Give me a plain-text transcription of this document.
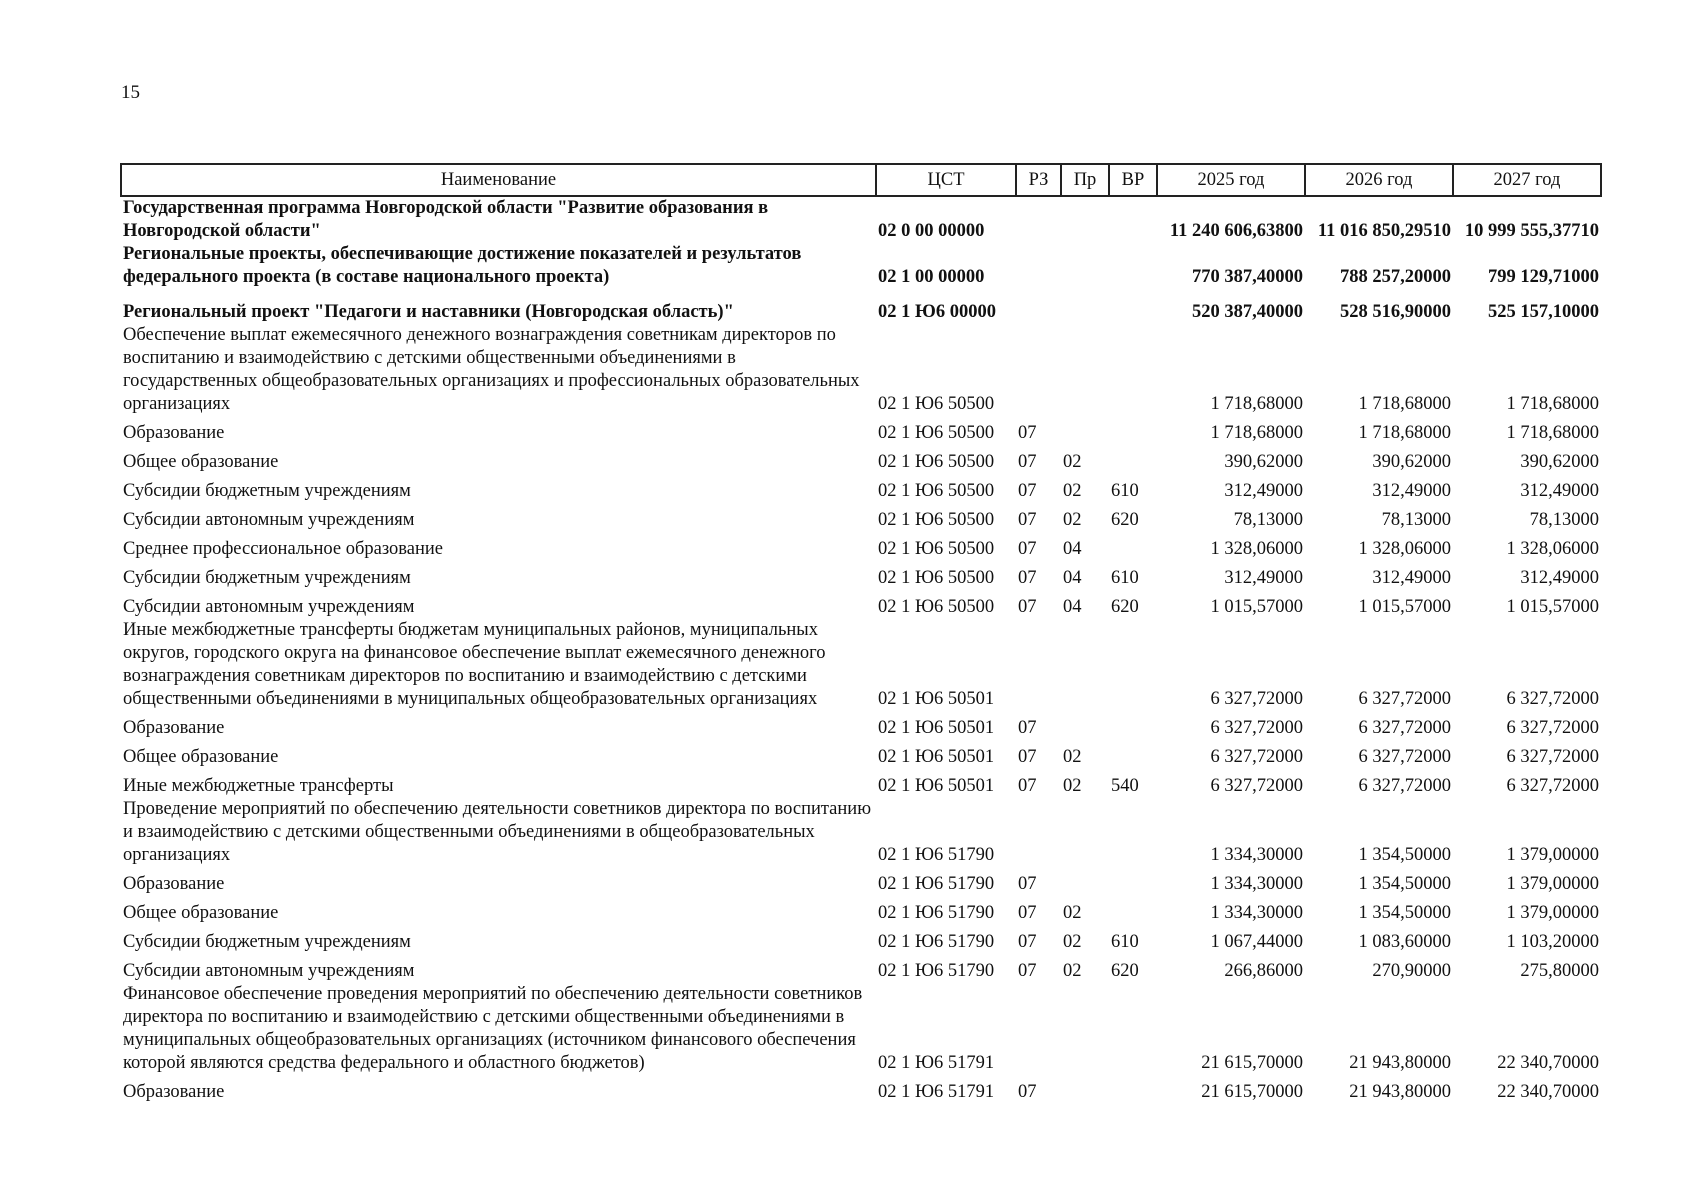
15
Наименование	ЦСТ	РЗ	Пр	ВР	2025 год	2026 год	2027 год
Государственная программа Новгородской области "Развитие образования в Новгородской области"	02 0 00 00000				11 240 606,63800	11 016 850,29510	10 999 555,37710
Региональные проекты, обеспечивающие достижение показателей и результатов федерального проекта (в составе национального проекта)	02 1 00 00000				770 387,40000	788 257,20000	799 129,71000
Региональный проект "Педагоги и наставники (Новгородская область)"	02 1 Ю6 00000				520 387,40000	528 516,90000	525 157,10000
Обеспечение выплат ежемесячного денежного вознаграждения советникам директоров по воспитанию и взаимодействию с детскими общественными объединениями в государственных общеобразовательных организациях и профессиональных образовательных организациях	02 1 Ю6 50500				1 718,68000	1 718,68000	1 718,68000
Образование	02 1 Ю6 50500	07			1 718,68000	1 718,68000	1 718,68000
Общее образование	02 1 Ю6 50500	07	02		390,62000	390,62000	390,62000
Субсидии бюджетным учреждениям	02 1 Ю6 50500	07	02	610	312,49000	312,49000	312,49000
Субсидии автономным учреждениям	02 1 Ю6 50500	07	02	620	78,13000	78,13000	78,13000
Среднее профессиональное образование	02 1 Ю6 50500	07	04		1 328,06000	1 328,06000	1 328,06000
Субсидии бюджетным учреждениям	02 1 Ю6 50500	07	04	610	312,49000	312,49000	312,49000
Субсидии автономным учреждениям	02 1 Ю6 50500	07	04	620	1 015,57000	1 015,57000	1 015,57000
Иные межбюджетные трансферты бюджетам муниципальных районов, муниципальных округов, городского округа на финансовое обеспечение выплат ежемесячного денежного вознаграждения советникам директоров по воспитанию и взаимодействию с детскими общественными объединениями в муниципальных общеобразовательных организациях	02 1 Ю6 50501				6 327,72000	6 327,72000	6 327,72000
Образование	02 1 Ю6 50501	07			6 327,72000	6 327,72000	6 327,72000
Общее образование	02 1 Ю6 50501	07	02		6 327,72000	6 327,72000	6 327,72000
Иные межбюджетные трансферты	02 1 Ю6 50501	07	02	540	6 327,72000	6 327,72000	6 327,72000
Проведение мероприятий по обеспечению деятельности советников директора по воспитанию и взаимодействию с детскими общественными объединениями в общеобразовательных организациях	02 1 Ю6 51790				1 334,30000	1 354,50000	1 379,00000
Образование	02 1 Ю6 51790	07			1 334,30000	1 354,50000	1 379,00000
Общее образование	02 1 Ю6 51790	07	02		1 334,30000	1 354,50000	1 379,00000
Субсидии бюджетным учреждениям	02 1 Ю6 51790	07	02	610	1 067,44000	1 083,60000	1 103,20000
Субсидии автономным учреждениям	02 1 Ю6 51790	07	02	620	266,86000	270,90000	275,80000
Финансовое обеспечение проведения мероприятий по обеспечению деятельности советников директора по воспитанию и взаимодействию с детскими общественными объединениями в муниципальных общеобразовательных организациях (источником финансового обеспечения которой являются средства федерального и областного бюджетов)	02 1 Ю6 51791				21 615,70000	21 943,80000	22 340,70000
Образование	02 1 Ю6 51791	07			21 615,70000	21 943,80000	22 340,70000
